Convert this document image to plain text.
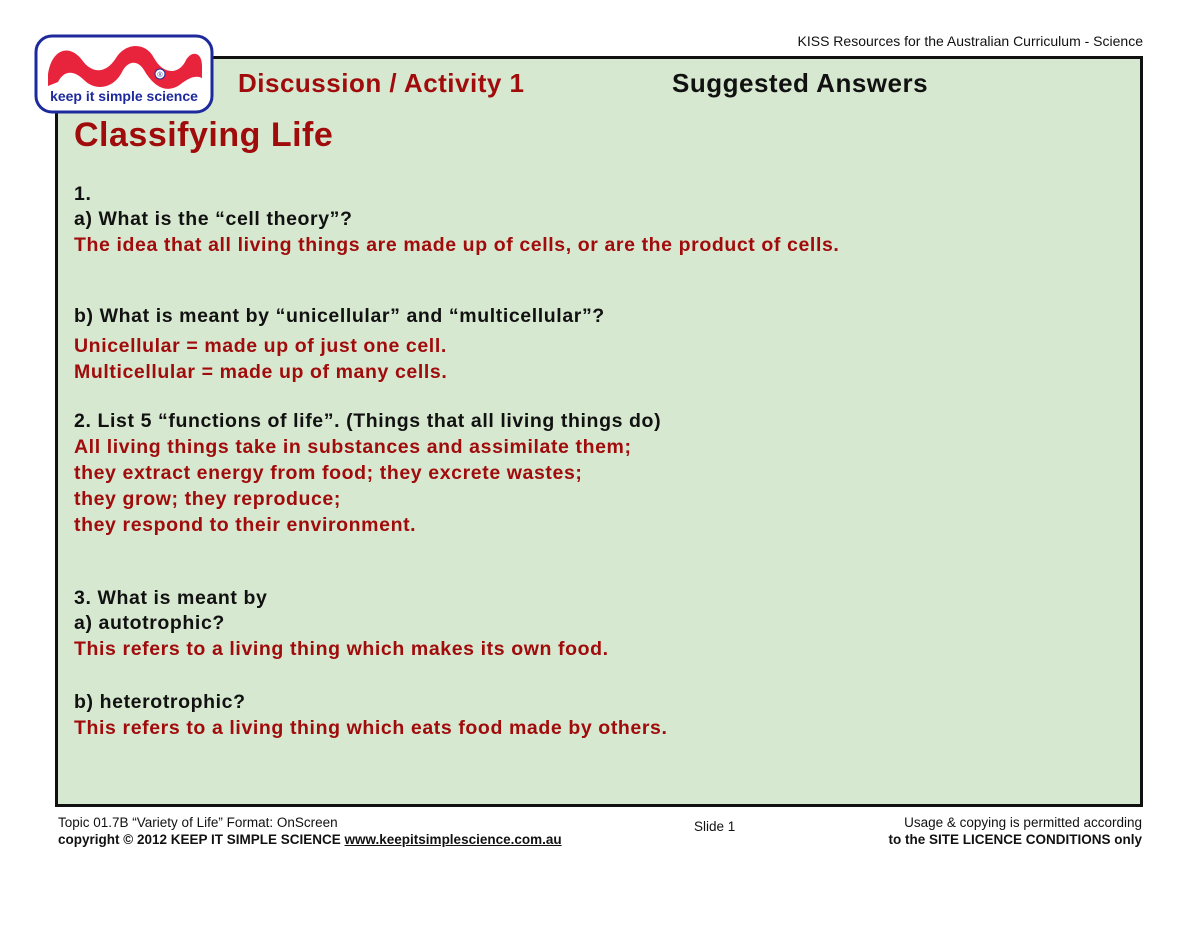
KISS Resources for the Australian Curriculum - Science
®
keep it simple science Discussion / Activity 1	Suggested Answers
Classifying Life
1.
a) What is the “cell theory”?
The idea that all living things are made up of cells, or are the product of cells.
b) What is meant by “unicellular” and “multicellular”?
Unicellular = made up of just one cell.
Multicellular = made up of many cells.
2. List 5 “functions of life”. (Things that all living things do)
All living things take in substances and assimilate them;
they extract energy from food; they excrete wastes;
they grow; they reproduce;
they respond to their environment.
3. What is meant by
a) autotrophic?
This refers to a living thing which makes its own food.
b) heterotrophic?
This refers to a living thing which eats food made by others.
Topic 01.7B “Variety of Life” Format: OnScreen
copyright © 2012 KEEP IT SIMPLE SCIENCE www.keepitsimplescience.com.au
Slide 1	Usage & copying is permitted according
to the SITE LICENCE CONDITIONS only
